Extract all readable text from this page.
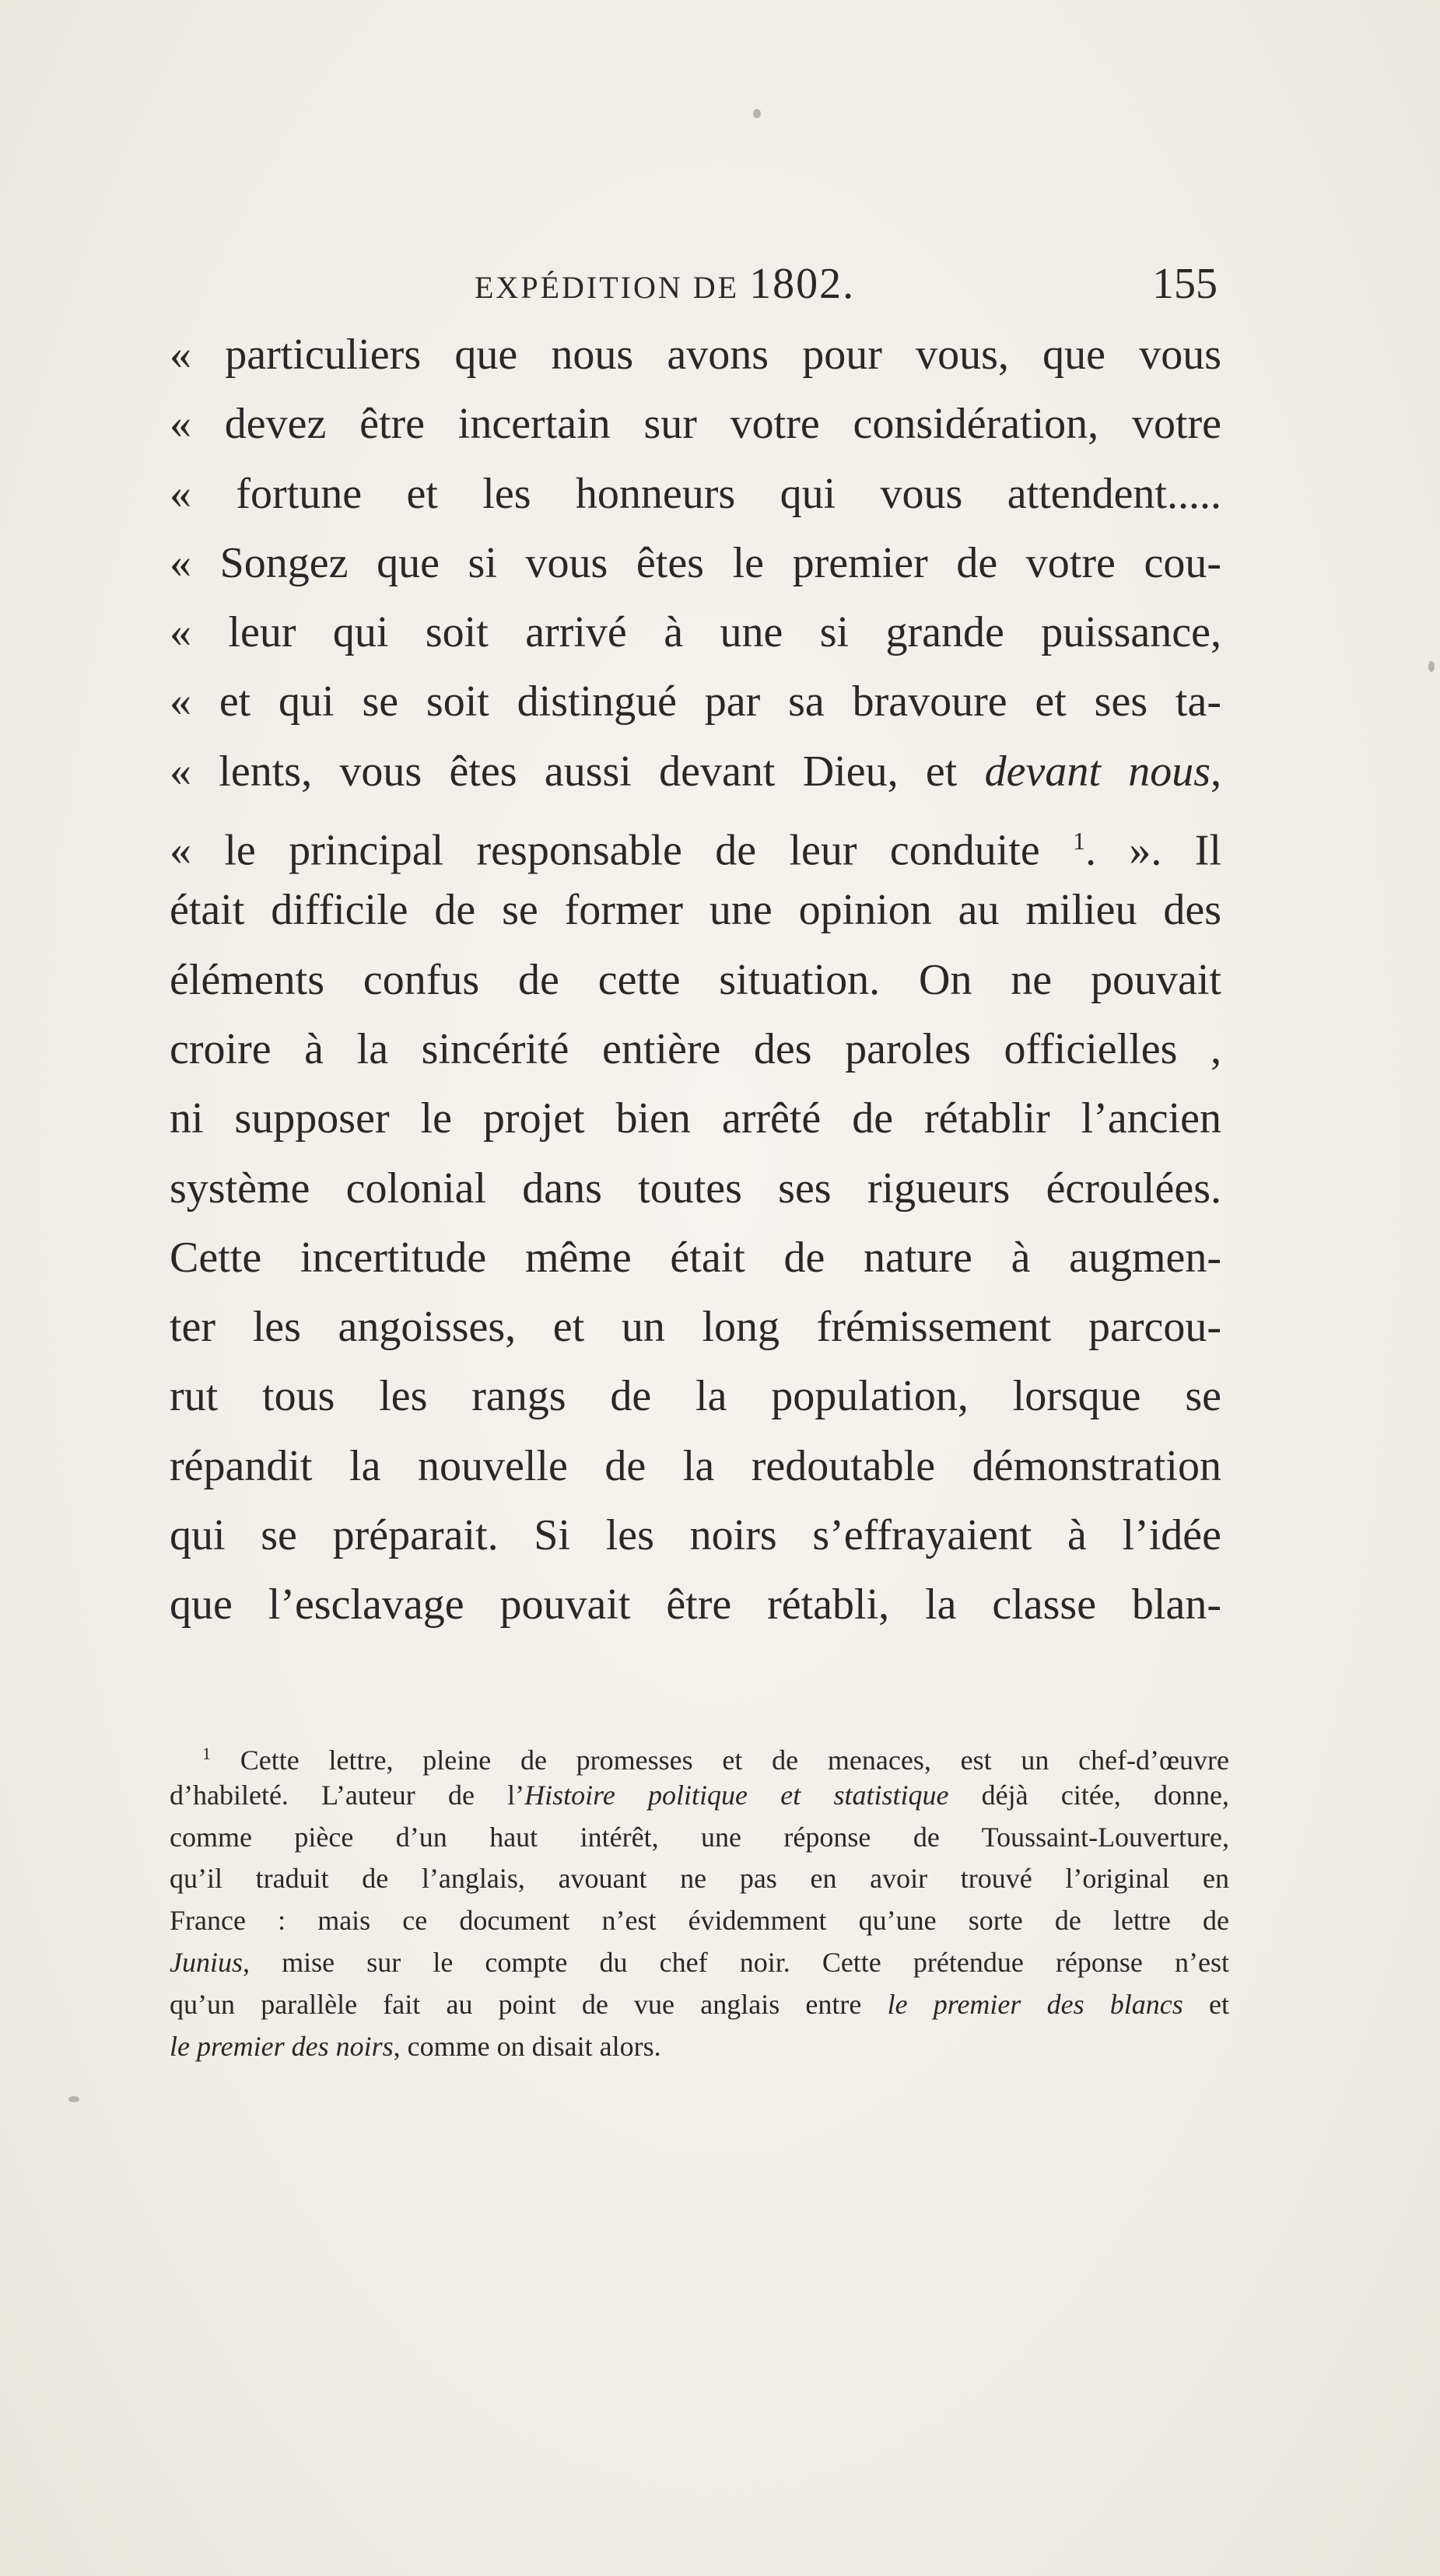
EXPÉDITION DE 1802.	155
« particuliers que nous avons pour vous, que vous
« devez être incertain sur votre considération, votre
« fortune et les honneurs qui vous attendent.....
« Songez que si vous êtes le premier de votre cou-
« leur qui soit arrivé à une si grande puissance,
« et qui se soit distingué par sa bravoure et ses ta-
« lents, vous êtes aussi devant Dieu, et devant nous,
« le principal responsable de leur conduite $^1$. ». Il
était difficile de se former une opinion au milieu des
éléments confus de cette situation. On ne pouvait
croire à la sincérité entière des paroles officielles ,
ni supposer le projet bien arrêté de rétablir l’ancien
système colonial dans toutes ses rigueurs écroulées.
Cette incertitude même était de nature à augmen-
ter les angoisses, et un long frémissement parcou-
rut tous les rangs de la population, lorsque se
répandit la nouvelle de la redoutable démonstration
qui se préparait. Si les noirs s’effrayaient à l’idée
que l’esclavage pouvait être rétabli, la classe blan-
$^1$ Cette lettre, pleine de promesses et de menaces, est un chef-d’œuvre
d’habileté. L’auteur de l’Histoire politique et statistique déjà citée, donne,
comme pièce d’un haut intérêt, une réponse de Toussaint-Louverture,
qu’il traduit de l’anglais, avouant ne pas en avoir trouvé l’original en
France : mais ce document n’est évidemment qu’une sorte de lettre de
Junius, mise sur le compte du chef noir. Cette prétendue réponse n’est
qu’un parallèle fait au point de vue anglais entre le premier des blancs et
le premier des noirs, comme on disait alors.
